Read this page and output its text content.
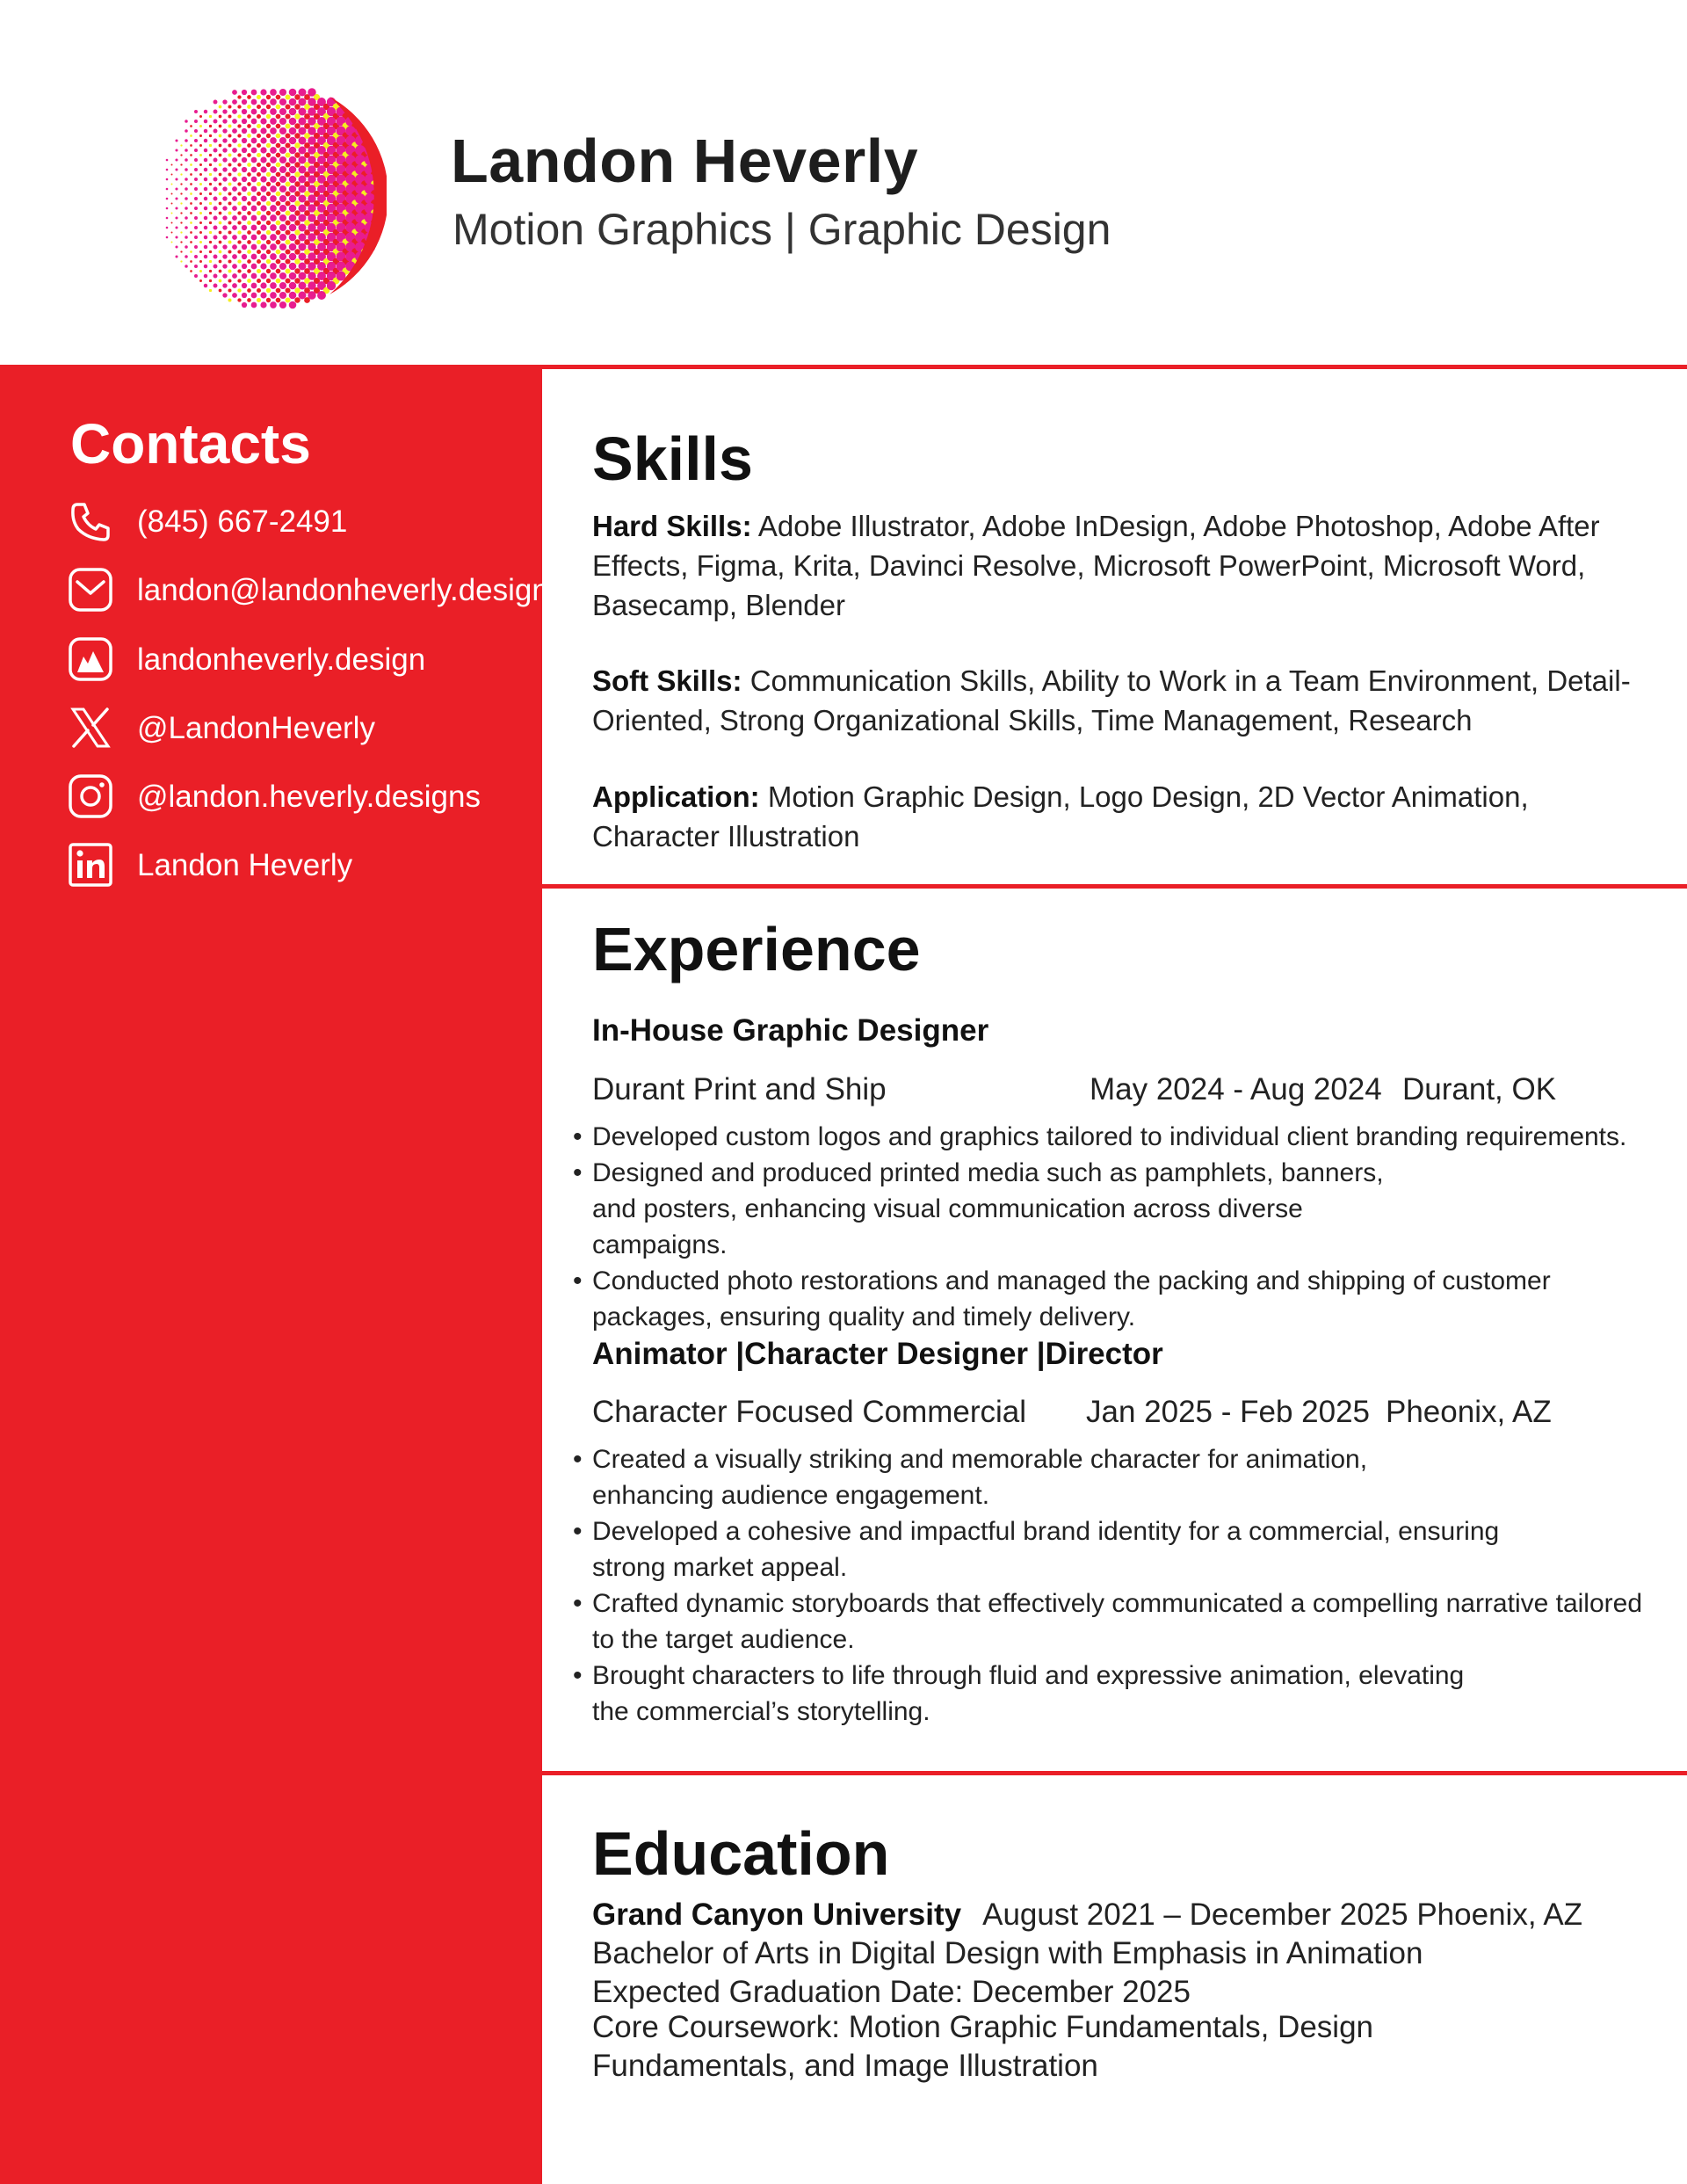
Landon Heverly
Motion Graphics | Graphic Design
Contacts
(845) 667-2491
landon@landonheverly.design
landonheverly.design
@LandonHeverly
@landon.heverly.designs
Landon Heverly
Skills
Hard Skills: Adobe Illustrator, Adobe InDesign, Adobe Photoshop, Adobe After Effects, Figma, Krita, Davinci Resolve, Microsoft PowerPoint, Microsoft Word, Basecamp, Blender
Soft Skills: Communication Skills, Ability to Work in a Team Environment, Detail-Oriented, Strong Organizational Skills, Time Management, Research
Application: Motion Graphic Design, Logo Design, 2D Vector Animation, Character Illustration
Experience
In-House Graphic Designer
Durant Print and Ship	May 2024 - Aug 2024 Durant, OK
• Developed custom logos and graphics tailored to individual client branding requirements.
• Designed and produced printed media such as pamphlets, banners, and posters, enhancing visual communication across diverse campaigns.
• Conducted photo restorations and managed the packing and shipping of customer packages, ensuring quality and timely delivery.
Animator |Character Designer |Director
Character Focused Commercial Jan 2025 - Feb 2025 Pheonix, AZ
• Created a visually striking and memorable character for animation, enhancing audience engagement.
• Developed a cohesive and impactful brand identity for a commercial, ensuring strong market appeal.
• Crafted dynamic storyboards that effectively communicated a compelling narrative tailored to the target audience.
• Brought characters to life through fluid and expressive animation, elevating the commercial’s storytelling.
Education
Grand Canyon University August 2021 – December 2025 Phoenix, AZ
Bachelor of Arts in Digital Design with Emphasis in Animation
Expected Graduation Date: December 2025
Core Coursework: Motion Graphic Fundamentals, Design Fundamentals, and Image Illustration
